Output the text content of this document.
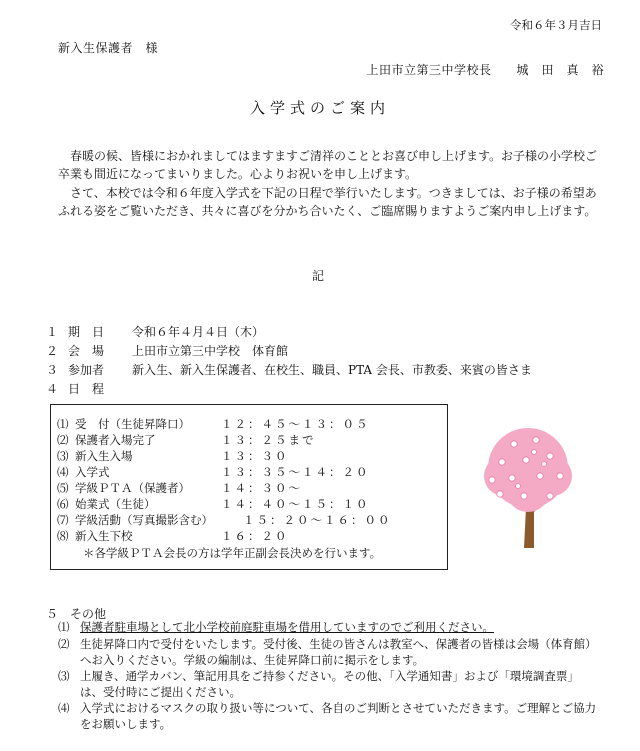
令和６年３月吉日
新入生保護者　様
上田市立第三中学校長　　城　田　真　裕
入学式のご案内
　春暖の候、皆様におかれましてはますますご清祥のこととお喜び申し上げます。お子様の小学校ご卒業も間近になってまいりました。心よりお祝いを申し上げます。
　さて、本校では令和６年度入学式を下記の日程で挙行いたします。つきましては、お子様の希望あふれる姿をご覧いただき、共々に喜びを分かち合いたく、ご臨席賜りますようご案内申し上げます。
記
１ 期　日 令和６年４月４日（木）
２ 会　場 上田市立第三中学校　体育館
３ 参加者 新入生、新入生保護者、在校生、職員、PTA 会長、市教委、来賓の皆さま
４ 日　程
⑴ 受　付（生徒昇降口）	１２：４５～１３：０５
⑵ 保護者入場完了	１３：２５まで
⑶ 新入生入場	１３：３０
⑷ 入学式	１３：３５～１４：２０
⑸ 学級ＰＴＡ（保護者）	１４：３０～
⑹ 始業式（生徒）	１４：４０～１５：１０
⑺ 学級活動（写真撮影含む）	１５：２０～１６：００
⑻ 新入生下校	１６：２０
＊各学級ＰＴＡ会長の方は学年正副会長決めを行います。
５　その他
⑴ 保護者駐車場として北小学校前庭駐車場を借用していますのでご利用ください。
⑵ 生徒昇降口内で受付をいたします。受付後、生徒の皆さんは教室へ、保護者の皆様は会場（体育館）へお入りください。学級の編制は、生徒昇降口前に掲示をします。
⑶ 上履き、通学カバン、筆記用具をご持参ください。その他、「入学通知書」および「環境調査票」は、受付時にご提出ください。
⑷ 入学式におけるマスクの取り扱い等について、各自のご判断とさせていただきます。ご理解とご協力をお願いします。
